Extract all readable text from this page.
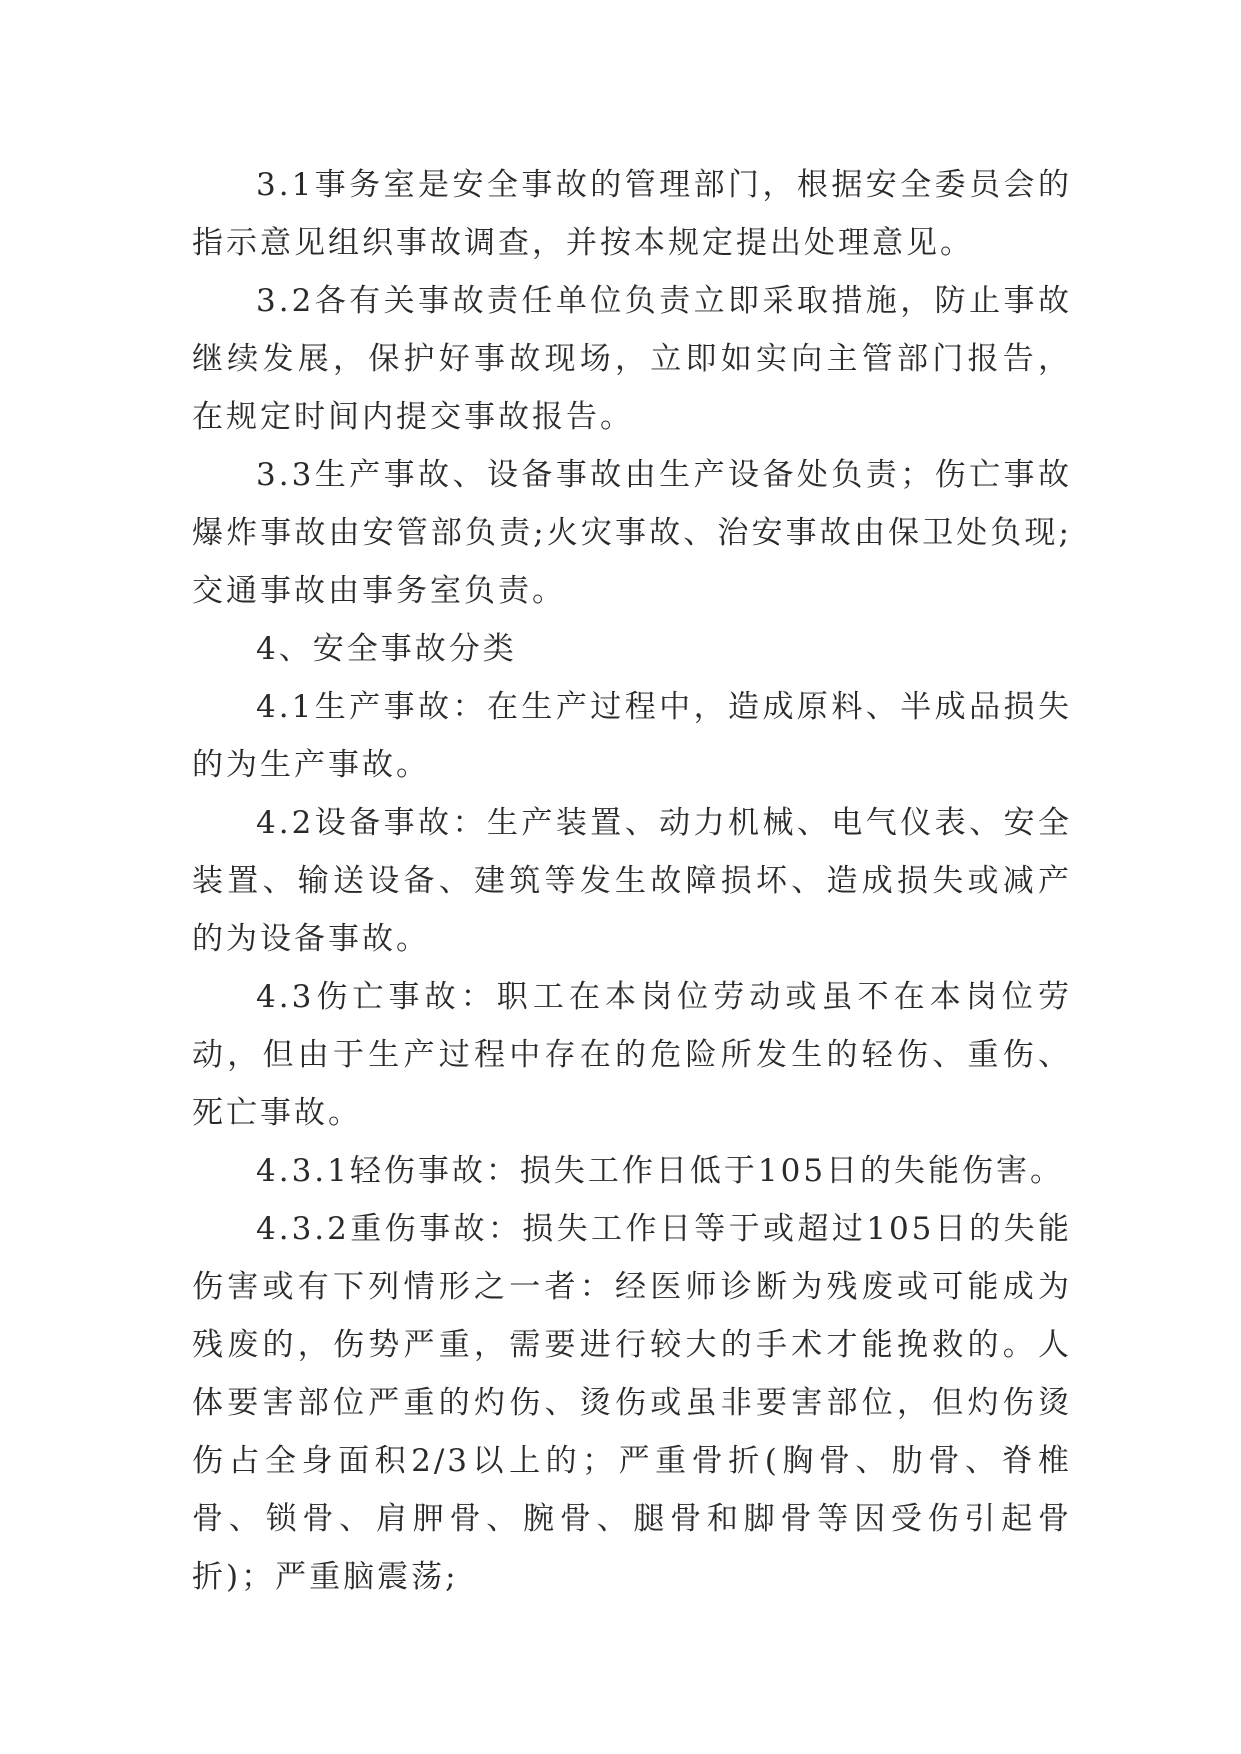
3.1事务室是安全事故的管理部门，根据安全委员会的指示意见组织事故调查，并按本规定提出处理意见。

3.2各有关事故责任单位负责立即采取措施，防止事故继续发展，保护好事故现场，立即如实向主管部门报告，在规定时间内提交事故报告。

3.3生产事故、设备事故由生产设备处负责；伤亡事故爆炸事故由安管部负责;火灾事故、治安事故由保卫处负现;交通事故由事务室负责。

4、安全事故分类

4.1生产事故：在生产过程中，造成原料、半成品损失的为生产事故。

4.2设备事故：生产装置、动力机械、电气仪表、安全装置、输送设备、建筑等发生故障损坏、造成损失或减产的为设备事故。

4.3伤亡事故：职工在本岗位劳动或虽不在本岗位劳动，但由于生产过程中存在的危险所发生的轻伤、重伤、死亡事故。

4.3.1轻伤事故：损失工作日低于105日的失能伤害。

4.3.2重伤事故：损失工作日等于或超过105日的失能伤害或有下列情形之一者：经医师诊断为残废或可能成为残废的，伤势严重，需要进行较大的手术才能挽救的。人体要害部位严重的灼伤、烫伤或虽非要害部位，但灼伤烫伤占全身面积2/3以上的；严重骨折(胸骨、肋骨、脊椎骨、锁骨、肩胛骨、腕骨、腿骨和脚骨等因受伤引起骨折)；严重脑震荡;
